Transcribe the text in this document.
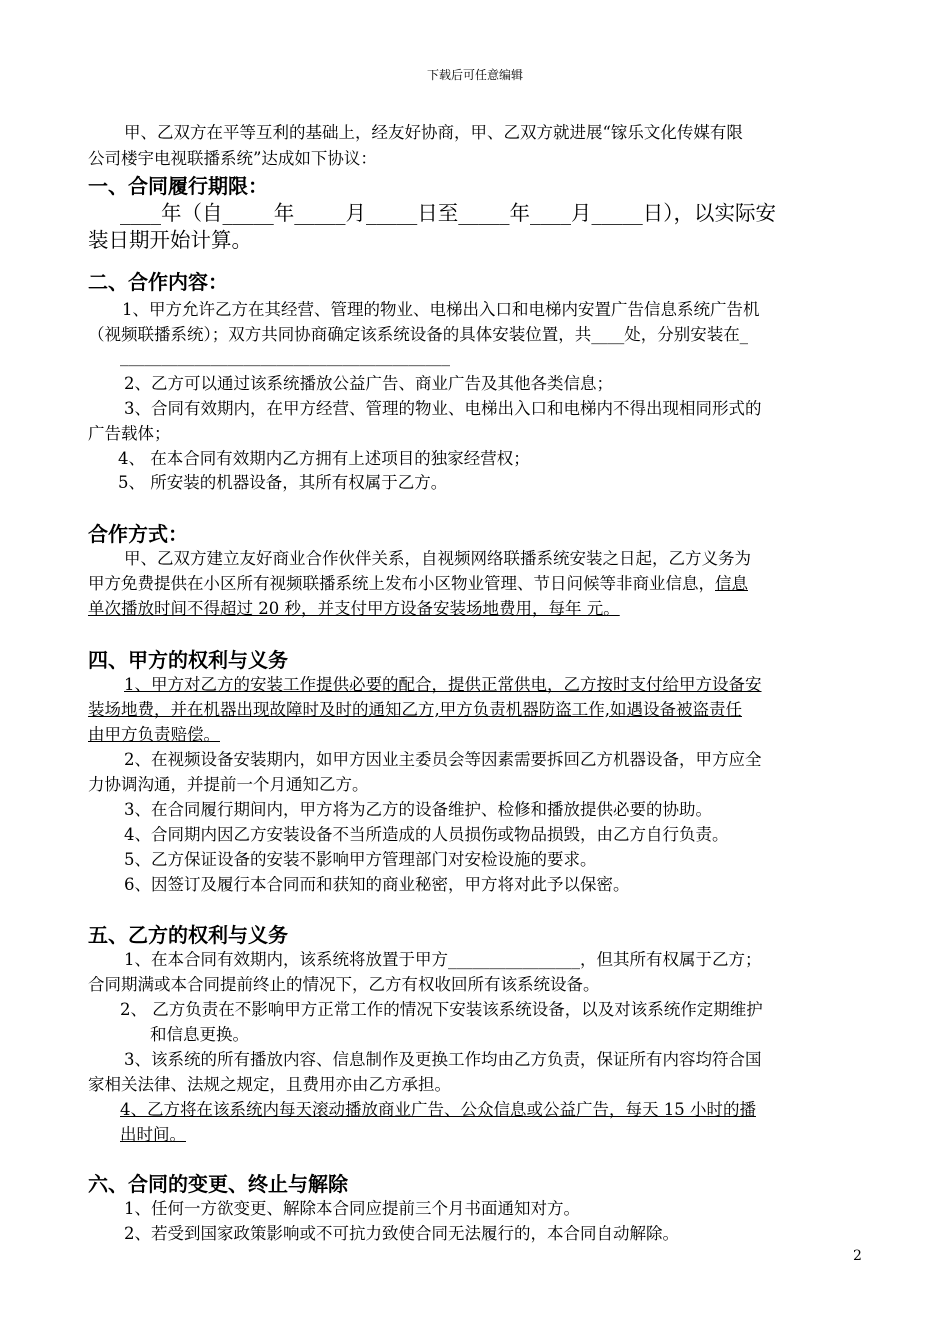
下载后可任意编辑
甲、乙双方在平等互利的基础上，经友好协商，甲、乙双方就进展“镓乐文化传媒有限
公司楼宇电视联播系统”达成如下协议：
一、合同履行期限：
____年（自_____年_____月_____日至_____年____月_____日），以实际安
装日期开始计算。
二、合作内容：
1、甲方允许乙方在其经营、管理的物业、电梯出入口和电梯内安置广告信息系统广告机
（视频联播系统）；双方共同协商确定该系统设备的具体安装位置，共____处，分别安装在_
________________________________________
2、乙方可以通过该系统播放公益广告、商业广告及其他各类信息；
3、合同有效期内，在甲方经营、管理的物业、电梯出入口和电梯内不得出现相同形式的
广告载体；
4、 在本合同有效期内乙方拥有上述项目的独家经营权；
5、 所安装的机器设备，其所有权属于乙方。
合作方式：
甲、乙双方建立友好商业合作伙伴关系，自视频网络联播系统安装之日起，乙方义务为
甲方免费提供在小区所有视频联播系统上发布小区物业管理、节日问候等非商业信息，信息
单次播放时间不得超过 20 秒，并支付甲方设备安装场地费用，每年 元。
四、甲方的权利与义务
1、甲方对乙方的安装工作提供必要的配合，提供正常供电，乙方按时支付给甲方设备安
装场地费，并在机器出现故障时及时的通知乙方,甲方负责机器防盗工作,如遇设备被盗责任
由甲方负责赔偿。
2、在视频设备安装期内，如甲方因业主委员会等因素需要拆回乙方机器设备，甲方应全
力协调沟通，并提前一个月通知乙方。
3、在合同履行期间内，甲方将为乙方的设备维护、检修和播放提供必要的协助。
4、合同期内因乙方安装设备不当所造成的人员损伤或物品损毁，由乙方自行负责。
5、乙方保证设备的安装不影响甲方管理部门对安检设施的要求。
6、因签订及履行本合同而和获知的商业秘密，甲方将对此予以保密。
五、乙方的权利与义务
1、在本合同有效期内，该系统将放置于甲方________________，但其所有权属于乙方；
合同期满或本合同提前终止的情况下，乙方有权收回所有该系统设备。
2、 乙方负责在不影响甲方正常工作的情况下安装该系统设备，以及对该系统作定期维护
和信息更换。
3、该系统的所有播放内容、信息制作及更换工作均由乙方负责，保证所有内容均符合国
家相关法律、法规之规定，且费用亦由乙方承担。
4、乙方将在该系统内每天滚动播放商业广告、公众信息或公益广告，每天 15 小时的播
出时间。
六、合同的变更、终止与解除
1、任何一方欲变更、解除本合同应提前三个月书面通知对方。
2、若受到国家政策影响或不可抗力致使合同无法履行的，本合同自动解除。
2
